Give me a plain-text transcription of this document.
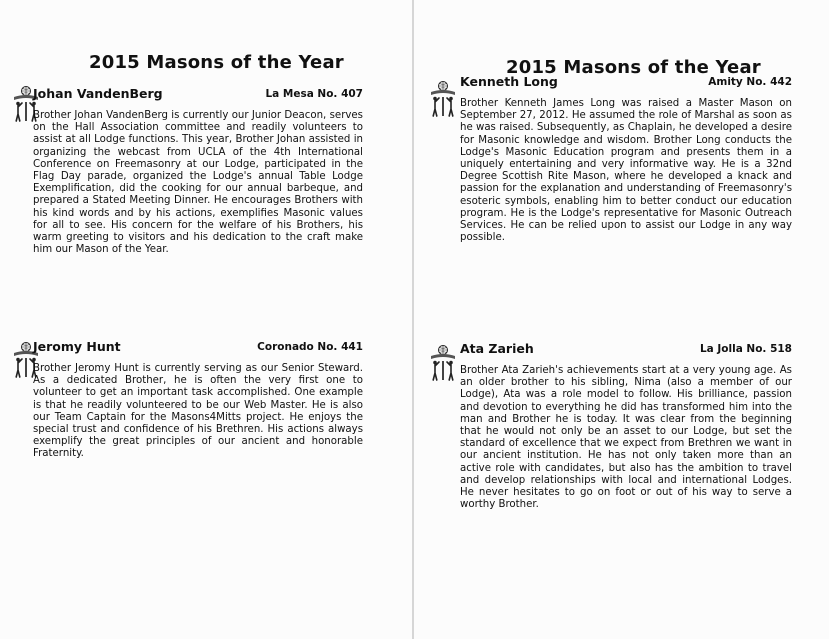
2015 Masons of the Year
Johan VandenBerg	La Mesa No. 407

Brother Johan VandenBerg is currently our Junior Deacon, serves on the Hall Association committee and readily volunteers to assist at all Lodge functions. This year, Brother Johan assisted in organizing the webcast from UCLA of the 4th International Conference on Freemasonry at our Lodge, participated in the Flag Day parade, organized the Lodge's annual Table Lodge Exemplification, did the cooking for our annual barbeque, and prepared a Stated Meeting Dinner. He encourages Brothers with his kind words and by his actions, exemplifies Masonic values for all to see. His concern for the welfare of his Brothers, his warm greeting to visitors and his dedication to the craft make him our Mason of the Year.

Jeromy Hunt	Coronado No. 441

Brother Jeromy Hunt is currently serving as our Senior Steward. As a dedicated Brother, he is often the very first one to volunteer to get an important task accomplished. One example is that he readily volunteered to be our Web Master. He is also our Team Captain for the Masons4Mitts project. He enjoys the special trust and confidence of his Brethren. His actions always exemplify the great principles of our ancient and honorable Fraternity.

2015 Masons of the Year
Kenneth Long	Amity No. 442

Brother Kenneth James Long was raised a Master Mason on September 27, 2012. He assumed the role of Marshal as soon as he was raised. Subsequently, as Chaplain, he developed a desire for Masonic knowledge and wisdom. Brother Long conducts the Lodge's Masonic Education program and presents them in a uniquely entertaining and very informative way. He is a 32nd Degree Scottish Rite Mason, where he developed a knack and passion for the explanation and understanding of Freemasonry's esoteric symbols, enabling him to better conduct our education program. He is the Lodge's representative for Masonic Outreach Services. He can be relied upon to assist our Lodge in any way possible.

Ata Zarieh	La Jolla No. 518

Brother Ata Zarieh's achievements start at a very young age. As an older brother to his sibling, Nima (also a member of our Lodge), Ata was a role model to follow. His brilliance, passion and devotion to everything he did has transformed him into the man and Brother he is today. It was clear from the beginning that he would not only be an asset to our Lodge, but set the standard of excellence that we expect from Brethren we want in our ancient institution. He has not only taken more than an active role with candidates, but also has the ambition to travel and develop relationships with local and international Lodges. He never hesitates to go on foot or out of his way to serve a worthy Brother.
